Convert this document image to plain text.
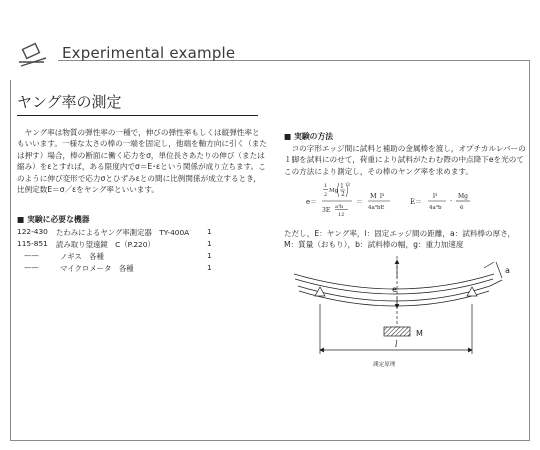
Experimental example
ヤング率の測定
ヤング率は物質の弾性率の一種で，伸びの弾性率もしくは縦弾性率ともいいます。一様な太さの棒の一端を固定し，他端を軸方向に引く（または押す）場合，棒の断面に働く応力をσ，単位長さあたりの伸び（または縮み）をεとすれば，ある限度内でσ＝E･εという関係が成り立ちます。このように伸び変形で応力σとひずみεとの間に比例関係が成立するとき，比例定数E＝σ／εをヤング率といいます。
■ 実験に必要な機器
122-430 たわみによるヤング率測定器　TY-400A 1
115-851 読み取り望遠鏡　C（P.220）	1
——	ノギス　各種	1
——	マイクロメータ　各種	1
■ 実験の方法
コの字形エッジ間に試料と補助の金属棒を渡し，オプチカルレバーの１脚を試料にのせて，荷重により試料がたわむ際の中点降下eを光のてこの方法により測定し，その棒のヤング率を求めます。
e＝
1
2
Mg
l
2
3
3E a³b
12
＝
M l³
4a³bE
E＝
l³
4a³b
·
Mg
e
ただし，E：ヤング率，l：固定エッジ間の距離，a：試料棒の厚さ，M：質量（おもり），b：試料棒の幅，g：重力加速度
e
a
M
l
測定原理
